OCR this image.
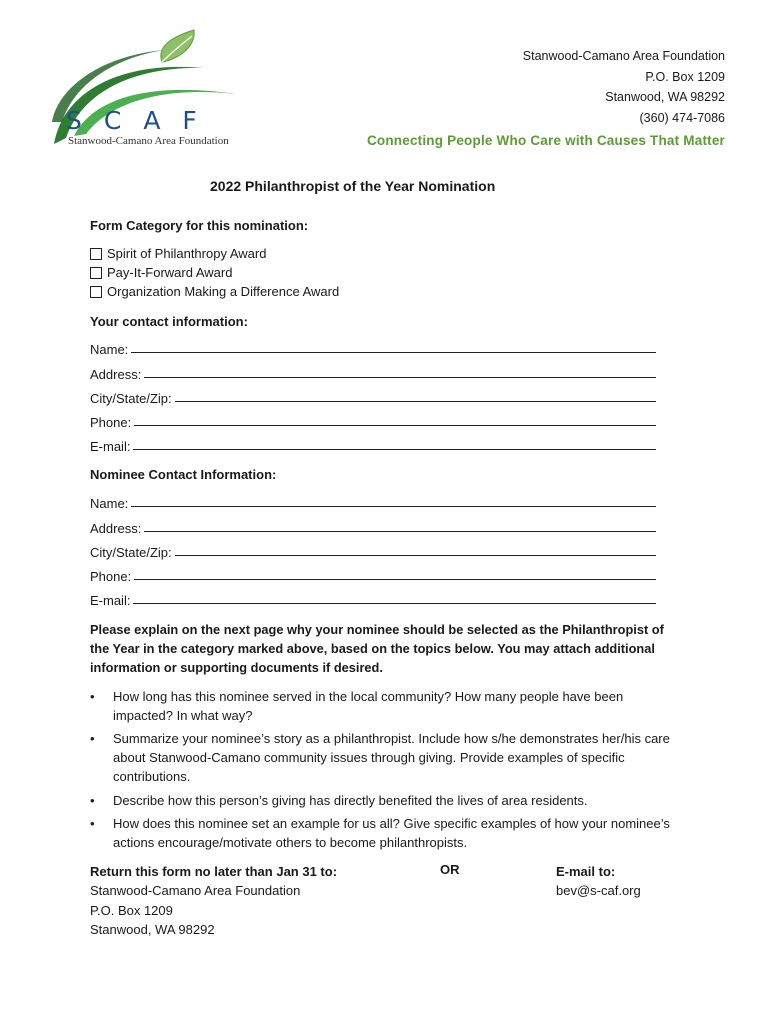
SCAF
Stanwood-Camano Area Foundation
Stanwood-Camano Area Foundation
P.O. Box 1209
Stanwood, WA 98292
(360) 474-7086
Connecting People Who Care with Causes That Matter
2022 Philanthropist of the Year Nomination
Form Category for this nomination:
Spirit of Philanthropy Award
Pay-It-Forward Award
Organization Making a Difference Award
Your contact information:
Name:
Address:
City/State/Zip:
Phone:
E-mail:
Nominee Contact Information:
Name:
Address:
City/State/Zip:
Phone:
E-mail:
Please explain on the next page why your nominee should be selected as the Philanthropist of the Year in the category marked above, based on the topics below. You may attach additional information or supporting documents if desired.
•	How long has this nominee served in the local community? How many people have been impacted? In what way?
•	Summarize your nominee’s story as a philanthropist. Include how s/he demonstrates her/his care about Stanwood-Camano community issues through giving. Provide examples of specific contributions.
•	Describe how this person’s giving has directly benefited the lives of area residents.
•	How does this nominee set an example for us all? Give specific examples of how your nominee’s actions encourage/motivate others to become philanthropists.
Return this form no later than Jan 31 to:
Stanwood-Camano Area Foundation
P.O. Box 1209
Stanwood, WA 98292
OR	E-mail to:
bev@s-caf.org
